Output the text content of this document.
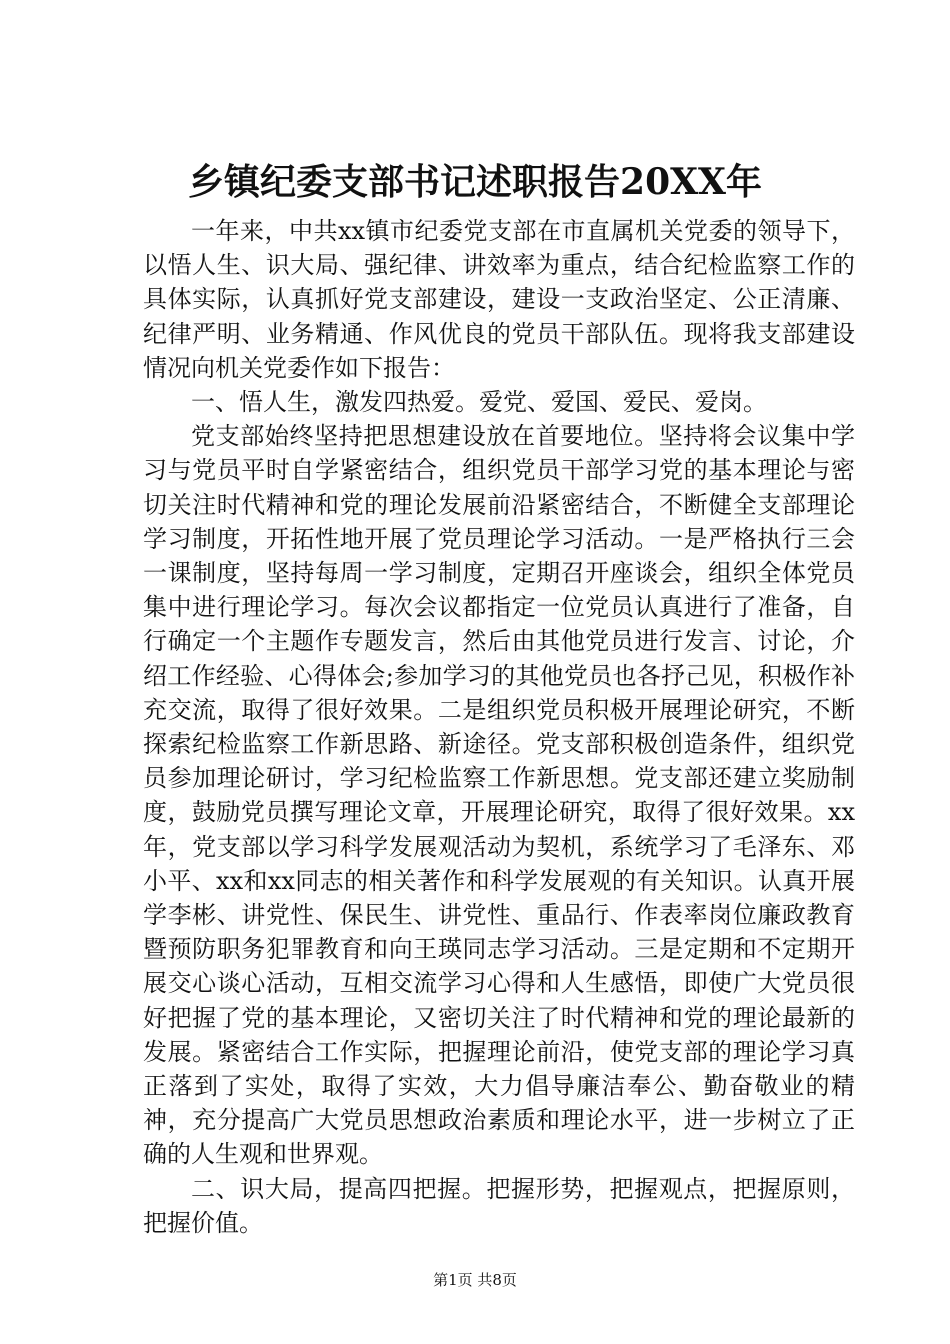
乡镇纪委支部书记述职报告20XX年

一年来，中共xx镇市纪委党支部在市直属机关党委的领导下，以悟人生、识大局、强纪律、讲效率为重点，结合纪检监察工作的具体实际，认真抓好党支部建设，建设一支政治坚定、公正清廉、纪律严明、业务精通、作风优良的党员干部队伍。现将我支部建设情况向机关党委作如下报告：

一、悟人生，激发四热爱。爱党、爱国、爱民、爱岗。

党支部始终坚持把思想建设放在首要地位。坚持将会议集中学习与党员平时自学紧密结合，组织党员干部学习党的基本理论与密切关注时代精神和党的理论发展前沿紧密结合，不断健全支部理论学习制度，开拓性地开展了党员理论学习活动。一是严格执行三会一课制度，坚持每周一学习制度，定期召开座谈会，组织全体党员集中进行理论学习。每次会议都指定一位党员认真进行了准备，自行确定一个主题作专题发言，然后由其他党员进行发言、讨论，介绍工作经验、心得体会;参加学习的其他党员也各抒己见，积极作补充交流，取得了很好效果。二是组织党员积极开展理论研究，不断探索纪检监察工作新思路、新途径。党支部积极创造条件，组织党员参加理论研讨，学习纪检监察工作新思想。党支部还建立奖励制度，鼓励党员撰写理论文章，开展理论研究，取得了很好效果。xx年，党支部以学习科学发展观活动为契机，系统学习了毛泽东、邓小平、xx和xx同志的相关著作和科学发展观的有关知识。认真开展学李彬、讲党性、保民生、讲党性、重品行、作表率岗位廉政教育暨预防职务犯罪教育和向王瑛同志学习活动。三是定期和不定期开展交心谈心活动，互相交流学习心得和人生感悟，即使广大党员很好把握了党的基本理论，又密切关注了时代精神和党的理论最新的发展。紧密结合工作实际，把握理论前沿，使党支部的理论学习真正落到了实处，取得了实效，大力倡导廉洁奉公、勤奋敬业的精神，充分提高广大党员思想政治素质和理论水平，进一步树立了正确的人生观和世界观。

二、识大局，提高四把握。把握形势，把握观点，把握原则，把握价值。

第1页 共8页
